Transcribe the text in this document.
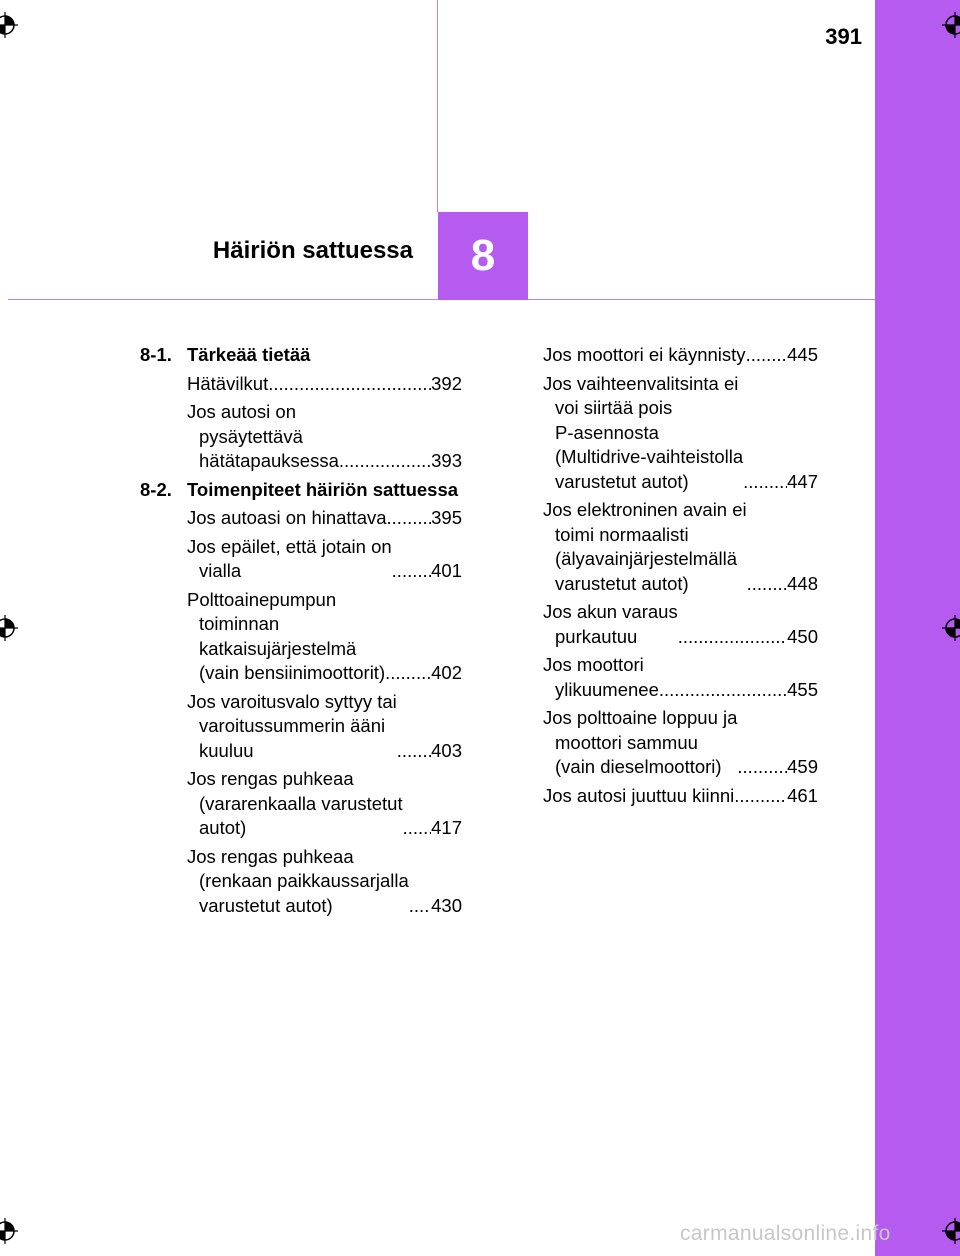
391
Häiriön sattuessa 8
8-1. Tärkeää tietää
Hätävilkut .....	392
Jos autosi on
pysäytettävä
hätätapauksessa .....	393
8-2. Toimenpiteet häiriön sattuessa
Jos autoasi on hinattava ..... 395
Jos epäilet, että jotain on
vialla .....	401
Polttoainepumpun
toiminnan
katkaisujärjestelmä
(vain bensiinimoottorit) ..... 402
Jos varoitusvalo syttyy tai
varoitussummerin ääni
kuuluu .....	403
Jos rengas puhkeaa
(vararenkaalla varustetut
autot) .....	417
Jos rengas puhkeaa
(renkaan paikkaussarjalla
varustetut autot) .....	430
Jos moottori ei käynnisty ..... 445
Jos vaihteenvalitsinta ei
voi siirtää pois
P-asennosta
(Multidrive-vaihteistolla
varustetut autot) .....	447
Jos elektroninen avain ei
toimi normaalisti
(älyavainjärjestelmällä
varustetut autot) .....	448
Jos akun varaus
purkautuu .....	450
Jos moottori
ylikuumenee .....	455
Jos polttoaine loppuu ja
moottori sammuu
(vain dieselmoottori) .....	459
Jos autosi juuttuu kiinni .....	461
carmanualsonline.info
